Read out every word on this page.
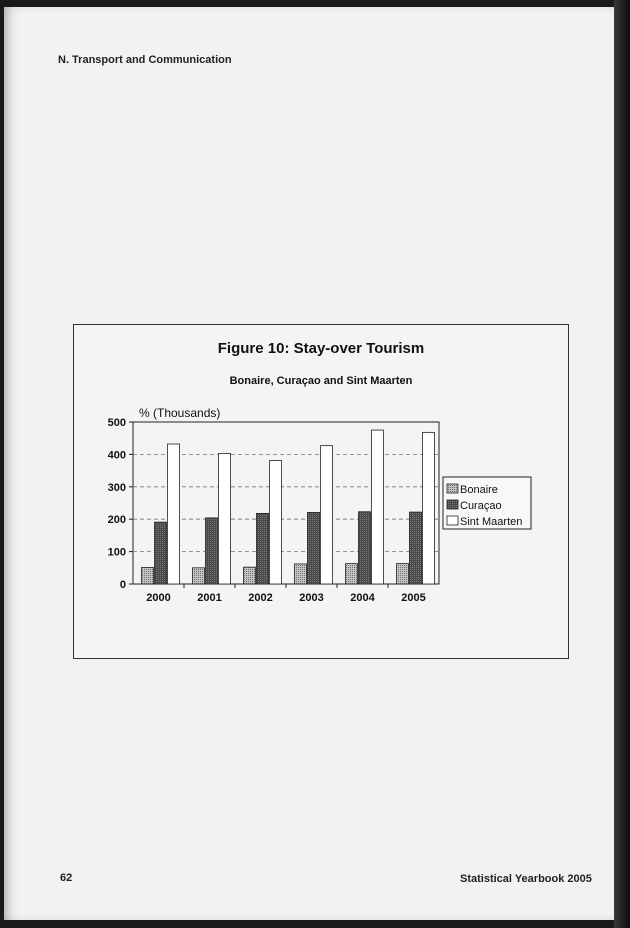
N. Transport and Communication
Figure 10: Stay-over Tourism
Bonaire, Curaçao and Sint Maarten
0
100
200
300
400
500
% (Thousands)
2000 2001 2002 2003 2004 2005
Bonaire
Curaçao
Sint Maarten
62	Statistical Yearbook 2005
